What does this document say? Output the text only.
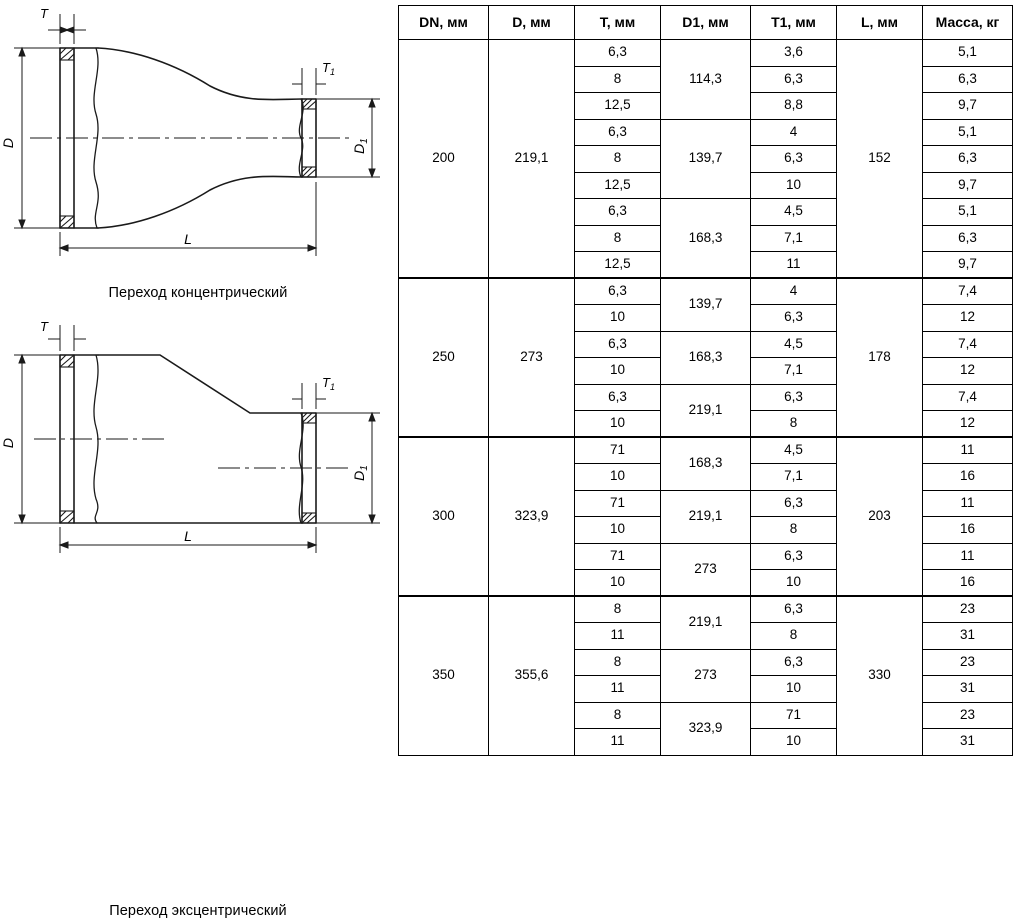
D
$D_1$
T
$T_1$
L
Переход концентрический
D
$D_1$
T
$T_1$
L
Переход эксцентрический
DN, мм	D, мм	T, мм	D1, мм	T1, мм	L, мм	Масса, кг
200	219,1	6,3	114,3	3,6	152	5,1
		8		6,3		6,3
		12,5		8,8		9,7
		6,3	139,7	4		5,1
		8		6,3		6,3
		12,5		10		9,7
		6,3	168,3	4,5		5,1
		8		7,1		6,3
		12,5		11		9,7
250	273	6,3	139,7	4	178	7,4
		10		6,3		12
		6,3	168,3	4,5		7,4
		10		7,1		12
		6,3	219,1	6,3		7,4
		10		8		12
300	323,9	71	168,3	4,5	203	11
		10		7,1		16
		71	219,1	6,3		11
		10		8		16
		71	273	6,3		11
		10		10		16
350	355,6	8	219,1	6,3	330	23
		11		8		31
		8	273	6,3		23
		11		10		31
		8	323,9	71		23
		11		10		31
